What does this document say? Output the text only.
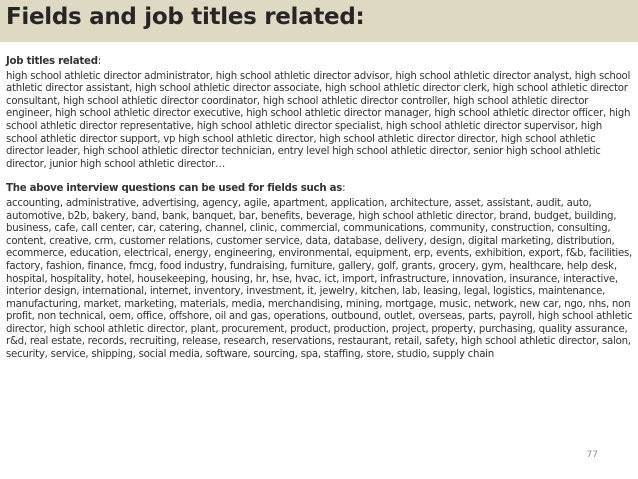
Fields and job titles related:
Job titles related:
high school athletic director administrator, high school athletic director advisor, high school athletic director analyst, high school athletic director assistant, high school athletic director associate, high school athletic director clerk, high school athletic director consultant, high school athletic director coordinator, high school athletic director controller, high school athletic director engineer, high school athletic director executive, high school athletic director manager, high school athletic director officer, high school athletic director representative, high school athletic director specialist, high school athletic director supervisor, high school athletic director support, vp high school athletic director, high school athletic director director, high school athletic director leader, high school athletic director technician, entry level high school athletic director, senior high school athletic director, junior high school athletic director…
The above interview questions can be used for fields such as:
accounting, administrative, advertising, agency, agile, apartment, application, architecture, asset, assistant, audit, auto, automotive, b2b, bakery, band, bank, banquet, bar, benefits, beverage, high school athletic director, brand, budget, building, business, cafe, call center, car, catering, channel, clinic, commercial, communications, community, construction, consulting, content, creative, crm, customer relations, customer service, data, database, delivery, design, digital marketing, distribution, ecommerce, education, electrical, energy, engineering, environmental, equipment, erp, events, exhibition, export, f&b, facilities, factory, fashion, finance, fmcg, food industry, fundraising, furniture, gallery, golf, grants, grocery, gym, healthcare, help desk, hospital, hospitality, hotel, housekeeping, housing, hr, hse, hvac, ict, import, infrastructure, innovation, insurance, interactive, interior design, international, internet, inventory, investment, it, jewelry, kitchen, lab, leasing, legal, logistics, maintenance, manufacturing, market, marketing, materials, media, merchandising, mining, mortgage, music, network, new car, ngo, nhs, non profit, non technical, oem, office, offshore, oil and gas, operations, outbound, outlet, overseas, parts, payroll, high school athletic director, high school athletic director, plant, procurement, product, production, project, property, purchasing, quality assurance, r&d, real estate, records, recruiting, release, research, reservations, restaurant, retail, safety, high school athletic director, salon, security, service, shipping, social media, software, sourcing, spa, staffing, store, studio, supply chain
77
